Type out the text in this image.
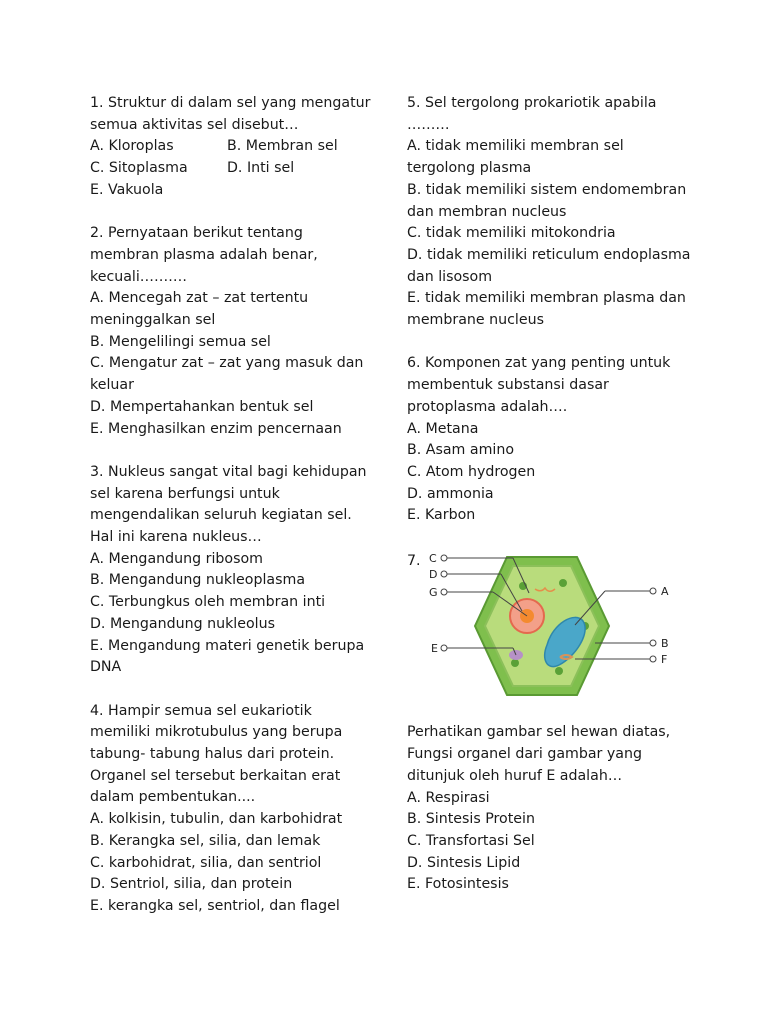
1. Struktur di dalam sel yang mengatur
semua aktivitas sel disebut…
A. Kloroplas	B. Membran sel
C. Sitoplasma	D. Inti sel
E. Vakuola
2. Pernyataan berikut tentang
membran plasma adalah benar,
kecuali……….
A. Mencegah zat – zat tertentu
meninggalkan sel
B. Mengelilingi semua sel
C. Mengatur zat – zat yang masuk dan
keluar
D. Mempertahankan bentuk sel
E. Menghasilkan enzim pencernaan
3. Nukleus sangat vital bagi kehidupan
sel karena berfungsi untuk
mengendalikan seluruh kegiatan sel.
Hal ini karena nukleus…
A. Mengandung ribosom
B. Mengandung nukleoplasma
C. Terbungkus oleh membran inti
D. Mengandung nukleolus
E. Mengandung materi genetik berupa
DNA
4. Hampir semua sel eukariotik
memiliki mikrotubulus yang berupa
tabung- tabung halus dari protein.
Organel sel tersebut berkaitan erat
dalam pembentukan....
A. kolkisin, tubulin, dan karbohidrat
B. Kerangka sel, silia, dan lemak
C. karbohidrat, silia, dan sentriol
D. Sentriol, silia, dan protein
E. kerangka sel, sentriol, dan flagel
5. Sel tergolong prokariotik apabila
………
A. tidak memiliki membran sel
tergolong plasma
B. tidak memiliki sistem endomembran
dan membran nucleus
C. tidak memiliki mitokondria
D. tidak memiliki reticulum endoplasma
dan lisosom
E. tidak memiliki membran plasma dan
membrane nucleus
6. Komponen zat yang penting untuk
membentuk substansi dasar
protoplasma adalah….
A. Metana
B. Asam amino
C. Atom hydrogen
D. ammonia
E. Karbon
7. C
D
G
E
A
B
F
Perhatikan gambar sel hewan diatas,
Fungsi organel dari gambar yang
ditunjuk oleh huruf E adalah…
A. Respirasi
B. Sintesis Protein
C. Transfortasi Sel
D. Sintesis Lipid
E. Fotosintesis
